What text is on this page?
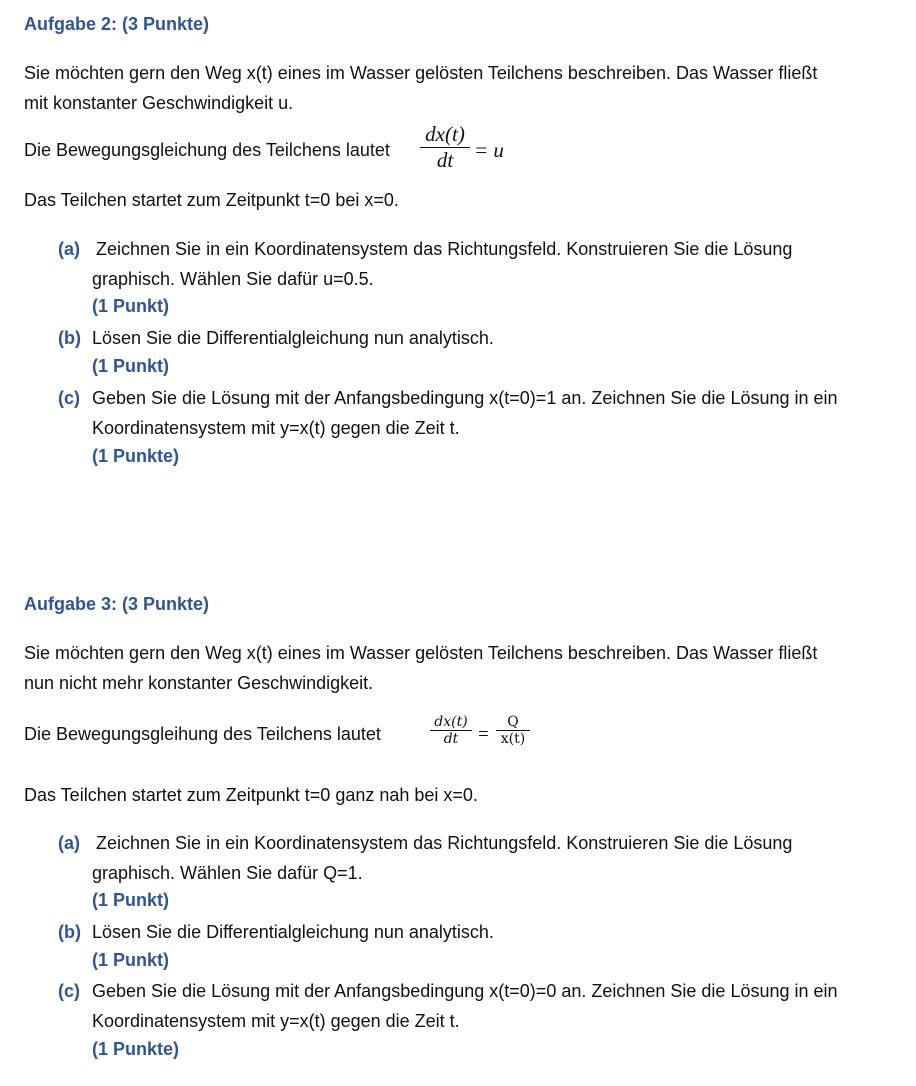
Aufgabe 2: (3 Punkte)
Sie möchten gern den Weg x(t) eines im Wasser gelösten Teilchens beschreiben. Das Wasser fließt
mit konstanter Geschwindigkeit u.
Die Bewegungsgleichung des Teilchens lautet
dx(t)
dt = u
Das Teilchen startet zum Zeitpunkt t=0 bei x=0.
(a) Zeichnen Sie in ein Koordinatensystem das Richtungsfeld. Konstruieren Sie die Lösung
graphisch. Wählen Sie dafür u=0.5.
(1 Punkt)
(b) Lösen Sie die Differentialgleichung nun analytisch.
(1 Punkt)
(c) Geben Sie die Lösung mit der Anfangsbedingung x(t=0)=1 an. Zeichnen Sie die Lösung in ein
Koordinatensystem mit y=x(t) gegen die Zeit t.
(1 Punkte)
Aufgabe 3: (3 Punkte)
Sie möchten gern den Weg x(t) eines im Wasser gelösten Teilchens beschreiben. Das Wasser fließt
nun nicht mehr konstanter Geschwindigkeit.
Die Bewegungsgleihung des Teilchens lautet
dx(t)
dt	=
Q
x(t)
Das Teilchen startet zum Zeitpunkt t=0 ganz nah bei x=0.
(a) Zeichnen Sie in ein Koordinatensystem das Richtungsfeld. Konstruieren Sie die Lösung
graphisch. Wählen Sie dafür Q=1.
(1 Punkt)
(b) Lösen Sie die Differentialgleichung nun analytisch.
(1 Punkt)
(c) Geben Sie die Lösung mit der Anfangsbedingung x(t=0)=0 an. Zeichnen Sie die Lösung in ein
Koordinatensystem mit y=x(t) gegen die Zeit t.
(1 Punkte)
